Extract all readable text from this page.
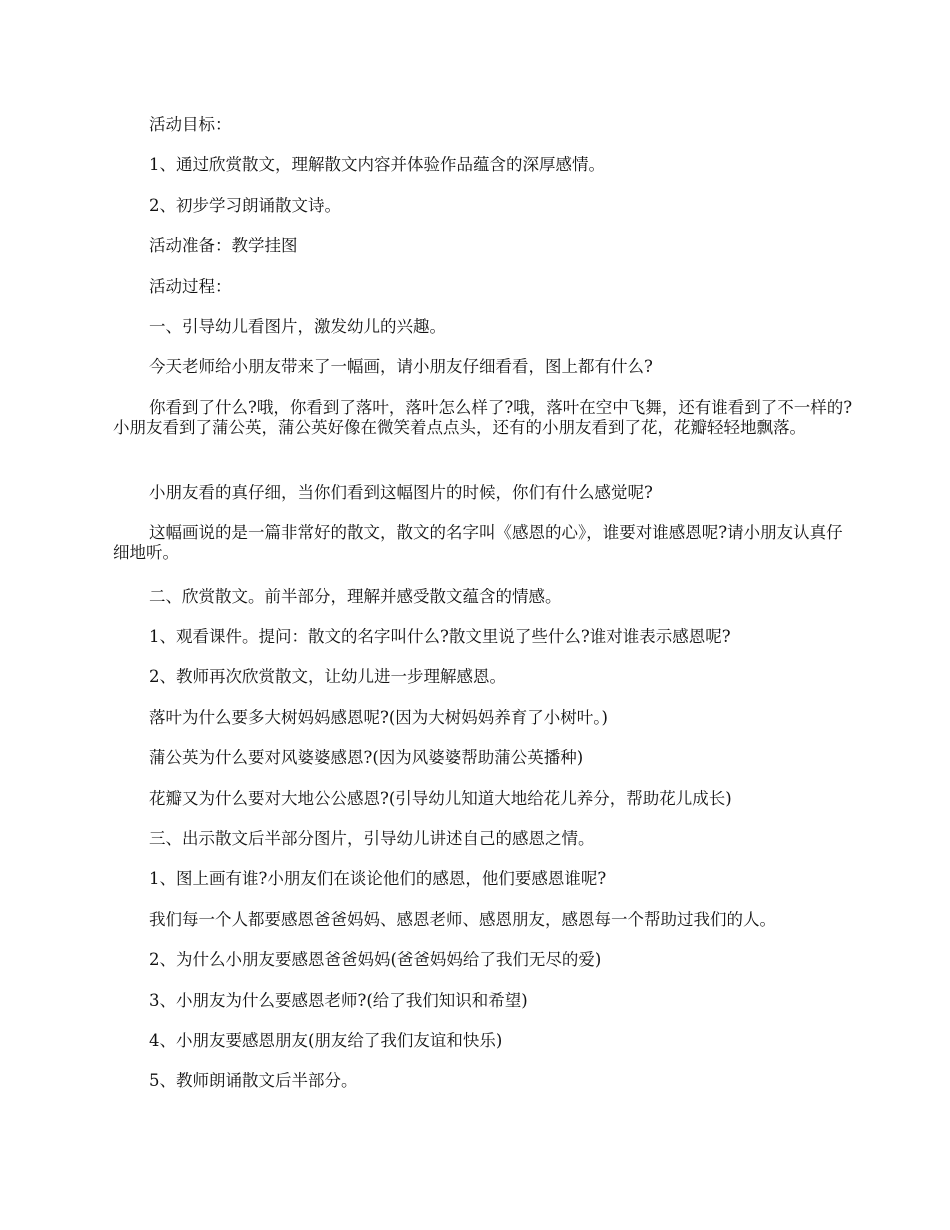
活动目标：

1、通过欣赏散文，理解散文内容并体验作品蕴含的深厚感情。

2、初步学习朗诵散文诗。

活动准备：教学挂图

活动过程：

一、引导幼儿看图片，激发幼儿的兴趣。

今天老师给小朋友带来了一幅画，请小朋友仔细看看，图上都有什么?

你看到了什么?哦，你看到了落叶，落叶怎么样了?哦，落叶在空中飞舞，还有谁看到了不一样的?小朋友看到了蒲公英，蒲公英好像在微笑着点点头，还有的小朋友看到了花，花瓣轻轻地飘落。

小朋友看的真仔细，当你们看到这幅图片的时候，你们有什么感觉呢?

这幅画说的是一篇非常好的散文，散文的名字叫《感恩的心》，谁要对谁感恩呢?请小朋友认真仔细地听。

二、欣赏散文。前半部分，理解并感受散文蕴含的情感。

1、观看课件。提问：散文的名字叫什么?散文里说了些什么?谁对谁表示感恩呢?

2、教师再次欣赏散文，让幼儿进一步理解感恩。

落叶为什么要多大树妈妈感恩呢?(因为大树妈妈养育了小树叶。)

蒲公英为什么要对风婆婆感恩?(因为风婆婆帮助蒲公英播种)

花瓣又为什么要对大地公公感恩?(引导幼儿知道大地给花儿养分，帮助花儿成长)

三、出示散文后半部分图片，引导幼儿讲述自己的感恩之情。

1、图上画有谁?小朋友们在谈论他们的感恩，他们要感恩谁呢?

我们每一个人都要感恩爸爸妈妈、感恩老师、感恩朋友，感恩每一个帮助过我们的人。

2、为什么小朋友要感恩爸爸妈妈(爸爸妈妈给了我们无尽的爱)

3、小朋友为什么要感恩老师?(给了我们知识和希望)

4、小朋友要感恩朋友(朋友给了我们友谊和快乐)

5、教师朗诵散文后半部分。
